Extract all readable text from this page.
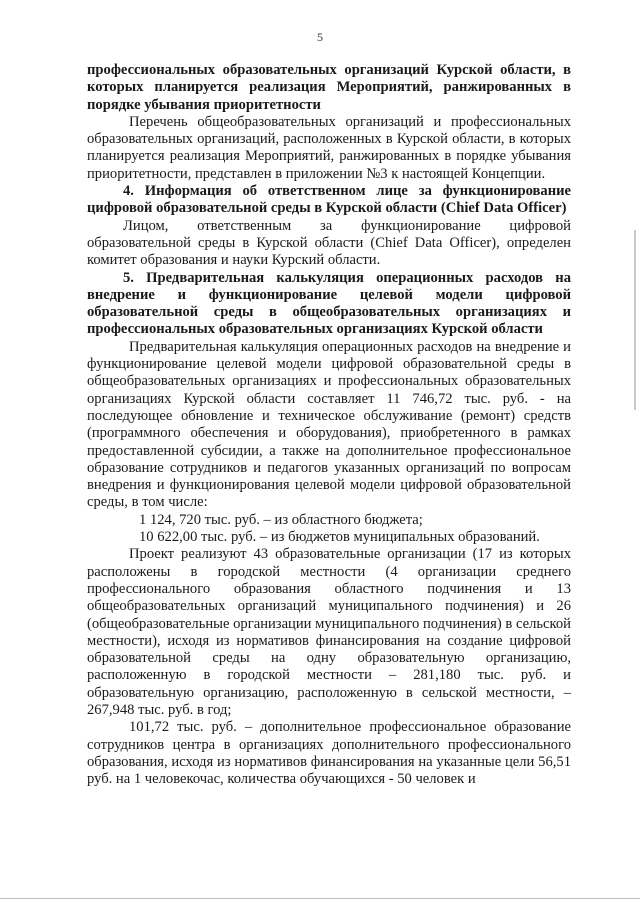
5

профессиональных образовательных организаций Курской области, в которых планируется реализация Мероприятий, ранжированных в порядке убывания приоритетности

Перечень общеобразовательных организаций и профессиональных образовательных организаций, расположенных в Курской области, в которых планируется реализация Мероприятий, ранжированных в порядке убывания приоритетности, представлен в приложении №3 к настоящей Концепции.

4. Информация об ответственном лице за функционирование цифровой образовательной среды в Курской области (Chief Data Officer)

Лицом, ответственным за функционирование цифровой образовательной среды в Курской области (Chief Data Officer), определен комитет образования и науки Курский области.

5. Предварительная калькуляция операционных расходов на внедрение и функционирование целевой модели цифровой образовательной среды в общеобразовательных организациях и профессиональных образовательных организациях Курской области

Предварительная калькуляция операционных расходов на внедрение и функционирование целевой модели цифровой образовательной среды в общеобразовательных организациях и профессиональных образовательных организациях Курской области составляет 11 746,72 тыс. руб. - на последующее обновление и техническое обслуживание (ремонт) средств (программного обеспечения и оборудования), приобретенного в рамках предоставленной субсидии, а также на дополнительное профессиональное образование сотрудников и педагогов указанных организаций по вопросам внедрения и функционирования целевой модели цифровой образовательной среды, в том числе:

1 124, 720 тыс. руб. – из областного бюджета;

10 622,00 тыс. руб. – из бюджетов муниципальных образований.

Проект реализуют 43 образовательные организации (17 из которых расположены в городской местности (4 организации среднего профессионального образования областного подчинения и 13 общеобразовательных организаций муниципального подчинения) и 26 (общеобразовательные организации муниципального подчинения) в сельской местности), исходя из нормативов финансирования на создание цифровой образовательной среды на одну образовательную организацию, расположенную в городской местности – 281,180 тыс. руб. и образовательную организацию, расположенную в сельской местности, – 267,948 тыс. руб. в год;

101,72 тыс. руб. – дополнительное профессиональное образование сотрудников центра в организациях дополнительного профессионального образования, исходя из нормативов финансирования на указанные цели 56,51 руб. на 1 человекочас, количества обучающихся - 50 человек и
